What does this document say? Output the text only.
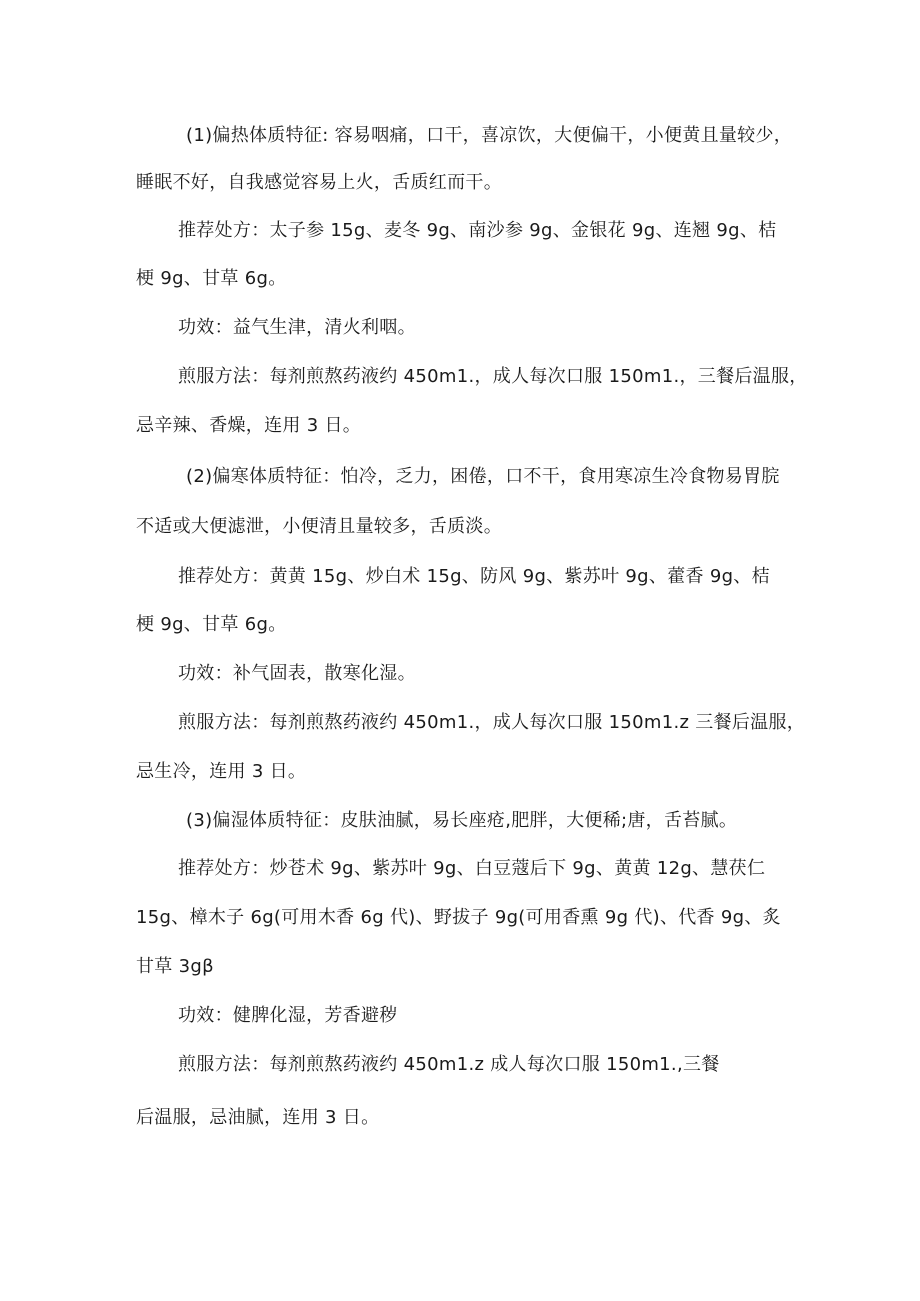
(1)偏热体质特征: 容易咽痛，口干，喜凉饮，大便偏干，小便黄且量较少，
睡眠不好，自我感觉容易上火，舌质红而干。
推荐处方：太子参 15g、麦冬 9g、南沙参 9g、金银花 9g、连翘 9g、桔
梗 9g、甘草 6g。
功效：益气生津，清火利咽。
煎服方法：每剂煎熬药液约 450m1.，成人每次口服 150m1.，三餐后温服，
忌辛辣、香燥，连用 3 日。
(2)偏寒体质特征：怕冷，乏力，困倦，口不干，食用寒凉生冷食物易胃脘
不适或大便滤泄，小便清且量较多，舌质淡。
推荐处方：黄黄 15g、炒白术 15g、防风 9g、紫苏叶 9g、藿香 9g、桔
梗 9g、甘草 6g。
功效：补气固表，散寒化湿。
煎服方法：每剂煎熬药液约 450m1.，成人每次口服 150m1.z 三餐后温服，
忌生冷，连用 3 日。
(3)偏湿体质特征：皮肤油腻，易长座疮,肥胖，大便稀;唐，舌苔腻。
推荐处方：炒苍术 9g、紫苏叶 9g、白豆蔻后下 9g、黄黄 12g、慧茯仁
15g、樟木子 6g(可用木香 6g 代)、野拔子 9g(可用香熏 9g 代)、代香 9g、炙
甘草 3gβ
功效：健脾化湿，芳香避秽
煎服方法：每剂煎熬药液约 450m1.z 成人每次口服 150m1.,三餐
后温服，忌油腻，连用 3 日。
